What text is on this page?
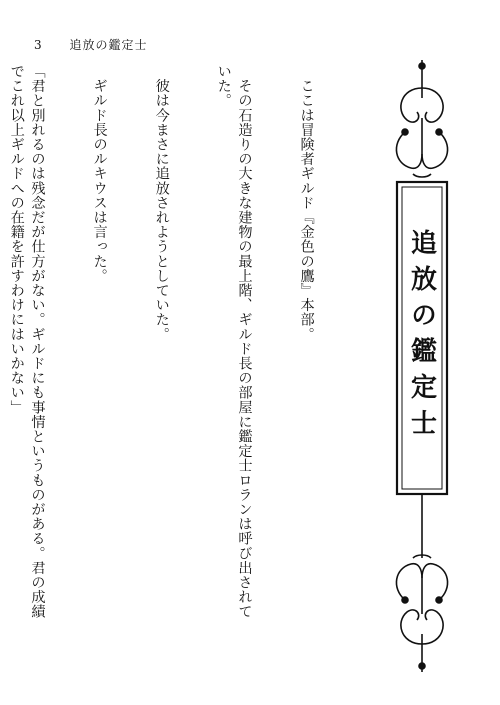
3 追放の鑑定士
追放の鑑定士

　ここは冒険者ギルド『金色の鷹』本部。

　その石造りの大きな建物の最上階、ギルド長の部屋に鑑定士ロランは呼び出されていた。

　彼は今まさに追放されようとしていた。

　ギルド長のルキウスは言った。

「君と別れるのは残念だが仕方がない。ギルドにも事情というものがある。君の成績でこれ以上ギルドへの在籍を許すわけにはいかない」
